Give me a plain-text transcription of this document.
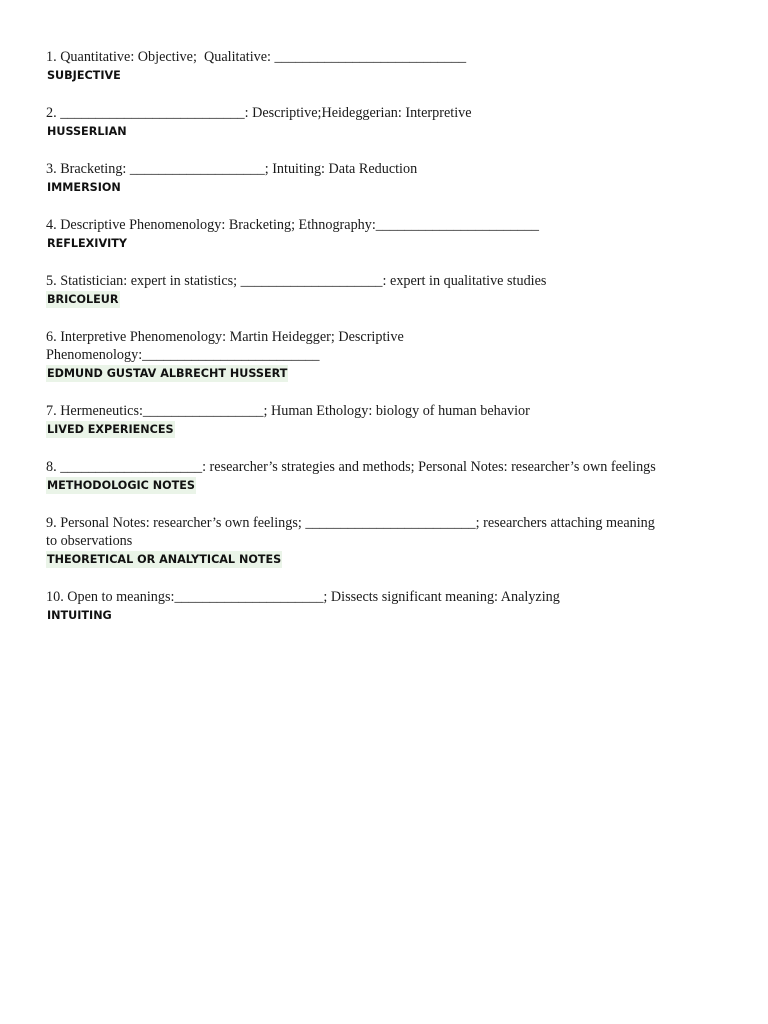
1. Quantitative: Objective;  Qualitative: ___________________________
SUBJECTIVE
2. __________________________: Descriptive;Heideggerian: Interpretive
HUSSERLIAN
3. Bracketing: ___________________; Intuiting: Data Reduction
IMMERSION
4. Descriptive Phenomenology: Bracketing; Ethnography:_______________________
REFLEXIVITY
5. Statistician: expert in statistics; ____________________: expert in qualitative studies
BRICOLEUR
6. Interpretive Phenomenology: Martin Heidegger; Descriptive
Phenomenology:_________________________
EDMUND GUSTAV ALBRECHT HUSSERT
7. Hermeneutics:_________________; Human Ethology: biology of human behavior
LIVED EXPERIENCES
8. ____________________: researcher’s strategies and methods; Personal Notes: researcher’s own feelings
METHODOLOGIC NOTES
9. Personal Notes: researcher’s own feelings; ________________________; researchers attaching meaning
to observations
THEORETICAL OR ANALYTICAL NOTES
10. Open to meanings:_____________________; Dissects significant meaning: Analyzing
INTUITING
